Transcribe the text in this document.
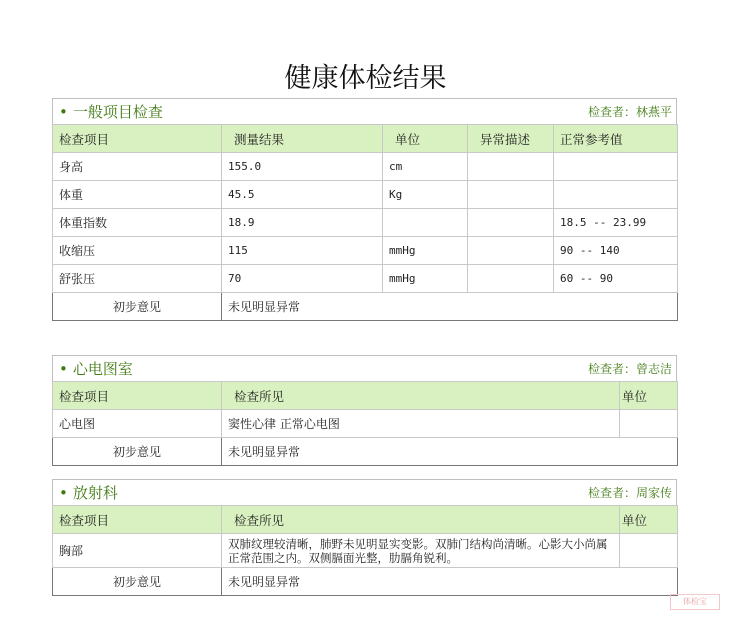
健康体检结果
• 一般项目检查	检查者：林燕平
检查项目	测量结果	单位	异常描述	正常参考值
身高	155.0	cm		
体重	45.5	Kg		
体重指数	18.9			18.5 -- 23.99
收缩压	115	mmHg		90 -- 140
舒张压	70	mmHg		60 -- 90
初步意见	未见明显异常			
• 心电图室	检查者：曾志洁
检查项目	检查所见	单位
心电图	窦性心律 正常心电图	
初步意见	未见明显异常	
• 放射科	检查者：周家传
检查项目	检查所见	单位
胸部	双肺纹理较清晰，肺野未见明显实变影。双肺门结构尚清晰。心影大小尚属正常范围之内。双侧膈面光整，肋膈角锐利。	
初步意见	未见明显异常	
体检宝
